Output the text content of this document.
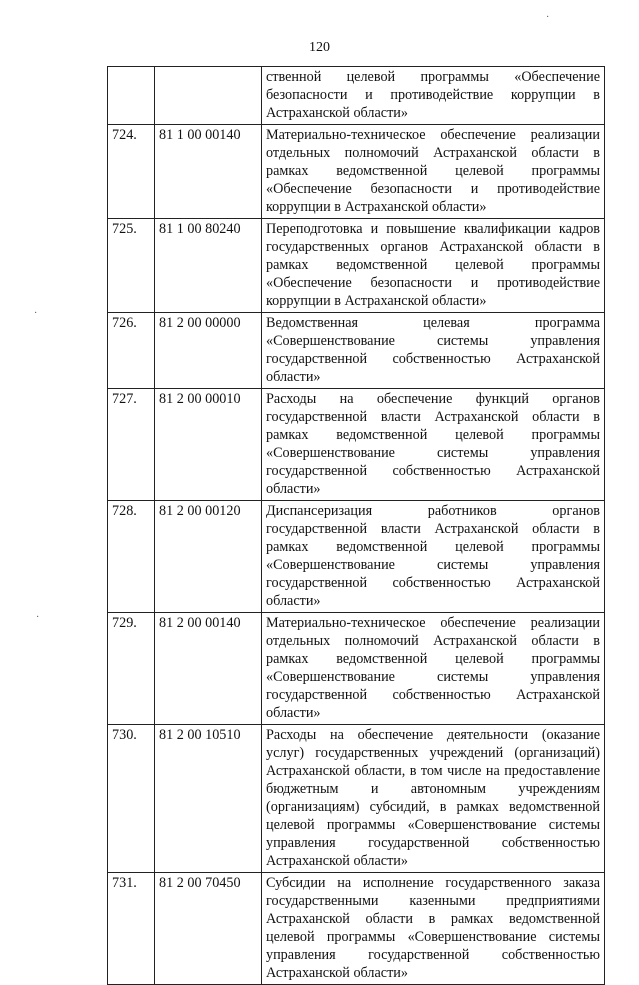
120
·
·
·
		ственной целевой программы «Обеспечение безопасности и противодействие коррупции в Астраханской области»
724.	81 1 00 00140	Материально-техническое обеспечение реализации отдельных полномочий Астраханской области в рамках ведомственной целевой программы «Обеспечение безопасности и противодействие коррупции в Астраханской области»
725.	81 1 00 80240	Переподготовка и повышение квалификации кадров государственных органов Астраханской области в рамках ведомственной целевой программы «Обеспечение безопасности и противодействие коррупции в Астраханской области»
726.	81 2 00 00000	Ведомственная целевая программа «Совершенствование системы управления государственной собственностью Астраханской области»
727.	81 2 00 00010	Расходы на обеспечение функций органов государственной власти Астраханской области в рамках ведомственной целевой программы «Совершенствование системы управления государственной собственностью Астраханской области»
728.	81 2 00 00120	Диспансеризация работников органов государственной власти Астраханской области в рамках ведомственной целевой программы «Совершенствование системы управления государственной собственностью Астраханской области»
729.	81 2 00 00140	Материально-техническое обеспечение реализации отдельных полномочий Астраханской области в рамках ведомственной целевой программы «Совершенствование системы управления государственной собственностью Астраханской области»
730.	81 2 00 10510	Расходы на обеспечение деятельности (оказание услуг) государственных учреждений (организаций) Астраханской области, в том числе на предоставление бюджетным и автономным учреждениям (организациям) субсидий, в рамках ведомственной целевой программы «Совершенствование системы управления государственной собственностью Астраханской области»
731.	81 2 00 70450	Субсидии на исполнение государственного заказа государственными казенными предприятиями Астраханской области в рамках ведомственной целевой программы «Совершенствование системы управления государственной собственностью Астраханской области»
